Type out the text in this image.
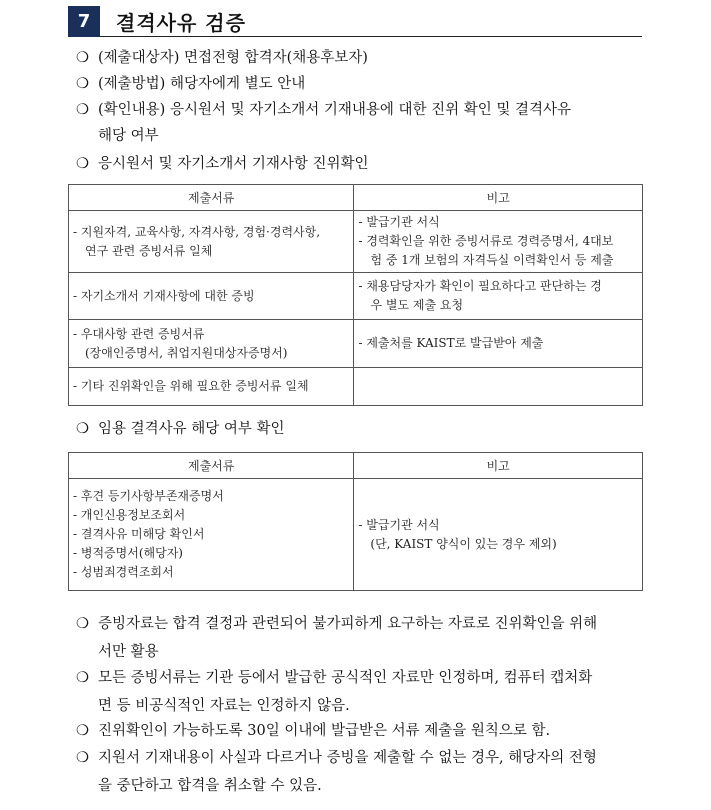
7	결격사유 검증
❍ (제출대상자) 면접전형 합격자(채용후보자)
❍ (제출방법) 해당자에게 별도 안내
❍ (확인내용) 응시원서 및 자기소개서 기재내용에 대한 진위 확인 및 결격사유
해당 여부
❍ 응시원서 및 자기소개서 기재사항 진위확인
제출서류	비고

- 지원자격, 교육사항, 자격사항, 경험·경력사항,
연구 관련 증빙서류 일체	- 발급기관 서식
- 경력확인을 위한 증빙서류로 경력증명서, 4대보
험 중 1개 보험의 자격득실 이력확인서 등 제출

- 자기소개서 기재사항에 대한 증빙	- 채용담당자가 확인이 필요하다고 판단하는 경
우 별도 제출 요청

- 우대사항 관련 증빙서류
(장애인증명서, 취업지원대상자증명서)	- 제출처를 KAIST로 발급받아 제출

- 기타 진위확인을 위해 필요한 증빙서류 일체	

❍ 임용 결격사유 해당 여부 확인
제출서류	비고

- 후견 등기사항부존재증명서
- 개인신용정보조회서
- 결격사유 미해당 확인서
- 병적증명서(해당자)
- 성범죄경력조회서	- 발급기관 서식
(단, KAIST 양식이 있는 경우 제외)
❍ 증빙자료는 합격 결정과 관련되어 불가피하게 요구하는 자료로 진위확인을 위해
서만 활용
❍ 모든 증빙서류는 기관 등에서 발급한 공식적인 자료만 인정하며, 컴퓨터 캡처화
면 등 비공식적인 자료는 인정하지 않음.
❍ 진위확인이 가능하도록 30일 이내에 발급받은 서류 제출을 원칙으로 함.
❍ 지원서 기재내용이 사실과 다르거나 증빙을 제출할 수 없는 경우, 해당자의 전형
을 중단하고 합격을 취소할 수 있음.
